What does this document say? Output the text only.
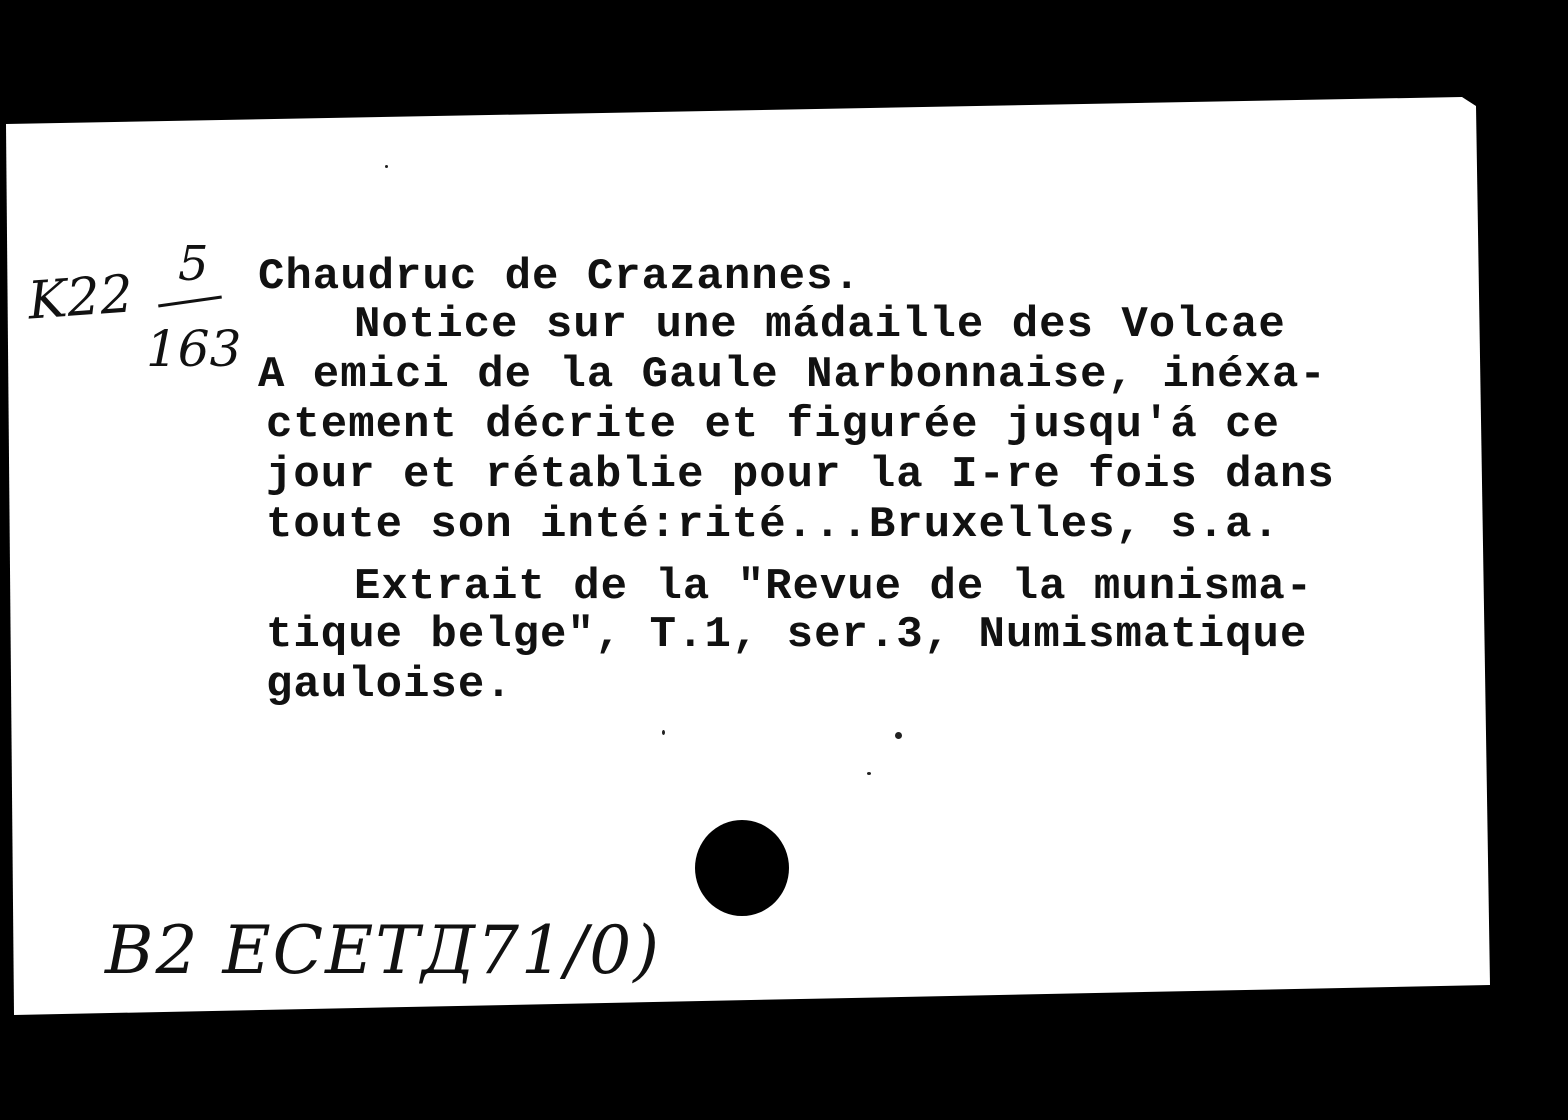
K22
5
163
Chaudruc de Crazannes.
Notice sur une mádaille des Volcae
A emici de la Gaule Narbonnaise, inéxa-
ctement décrite et figurée jusqu'á ce
jour et rétablie pour la I-re fois dans
toute son inté:rité...Bruxelles, s.a.
Extrait de la "Revue de la munisma-
tique belge", T.1, ser.3, Numismatique
gauloise.
B2 ECETД71/0)
